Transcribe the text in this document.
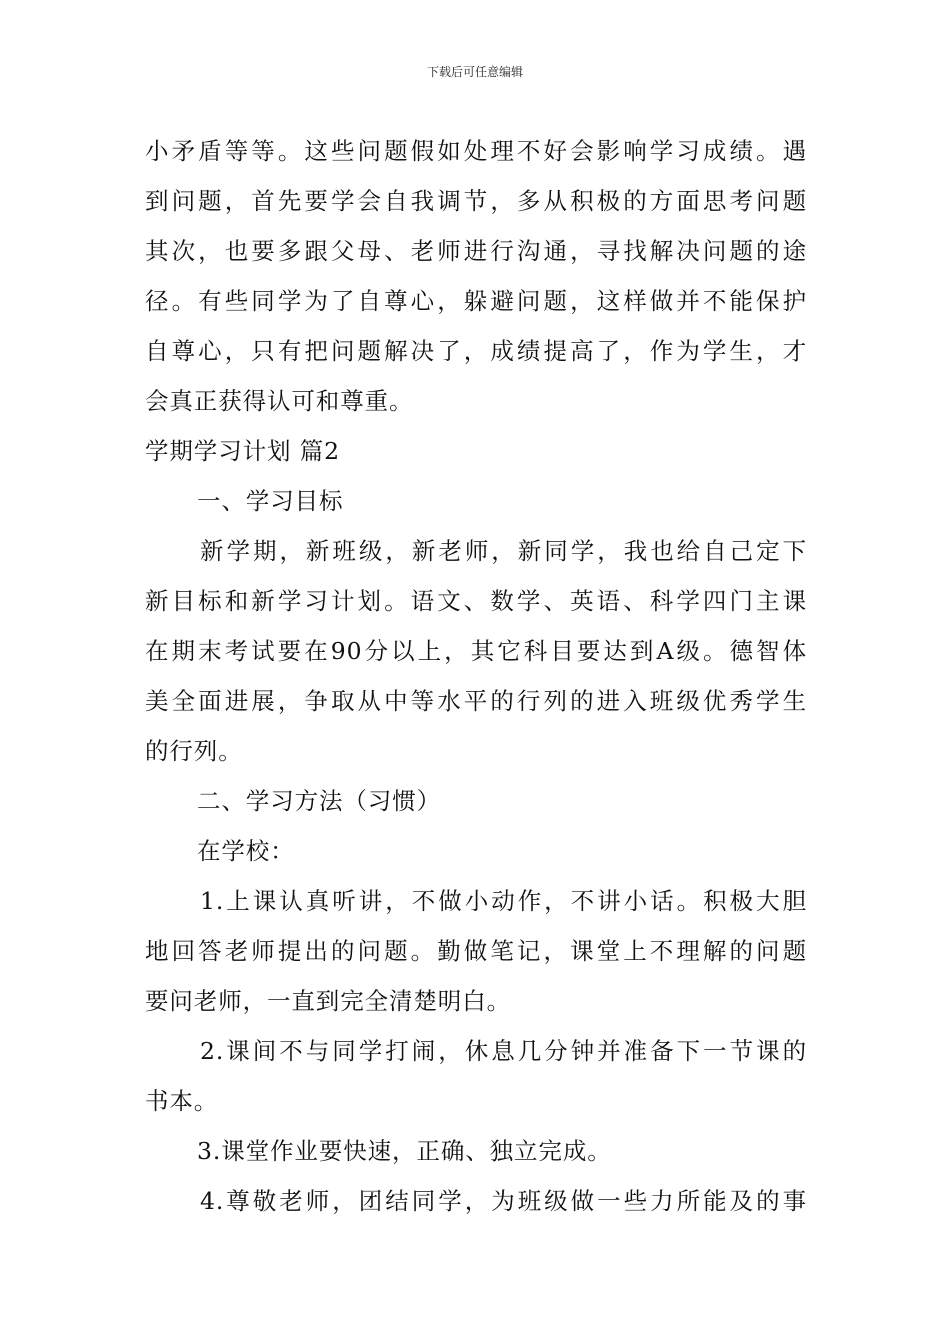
下载后可任意编辑
小矛盾等等。这些问题假如处理不好会影响学习成绩。遇
到问题，首先要学会自我调节，多从积极的方面思考问题
其次，也要多跟父母、老师进行沟通，寻找解决问题的途
径。有些同学为了自尊心，躲避问题，这样做并不能保护
自尊心，只有把问题解决了，成绩提高了，作为学生，才
会真正获得认可和尊重。
学期学习计划 篇2
一、学习目标
新学期，新班级，新老师，新同学，我也给自己定下
新目标和新学习计划。语文、数学、英语、科学四门主课
在期末考试要在90分以上，其它科目要达到A级。德智体
美全面进展，争取从中等水平的行列的进入班级优秀学生
的行列。
二、学习方法（习惯）
在学校：
1.上课认真听讲，不做小动作，不讲小话。积极大胆
地回答老师提出的问题。勤做笔记，课堂上不理解的问题
要问老师，一直到完全清楚明白。
2.课间不与同学打闹，休息几分钟并准备下一节课的
书本。
3.课堂作业要快速，正确、独立完成。
4.尊敬老师，团结同学，为班级做一些力所能及的事
